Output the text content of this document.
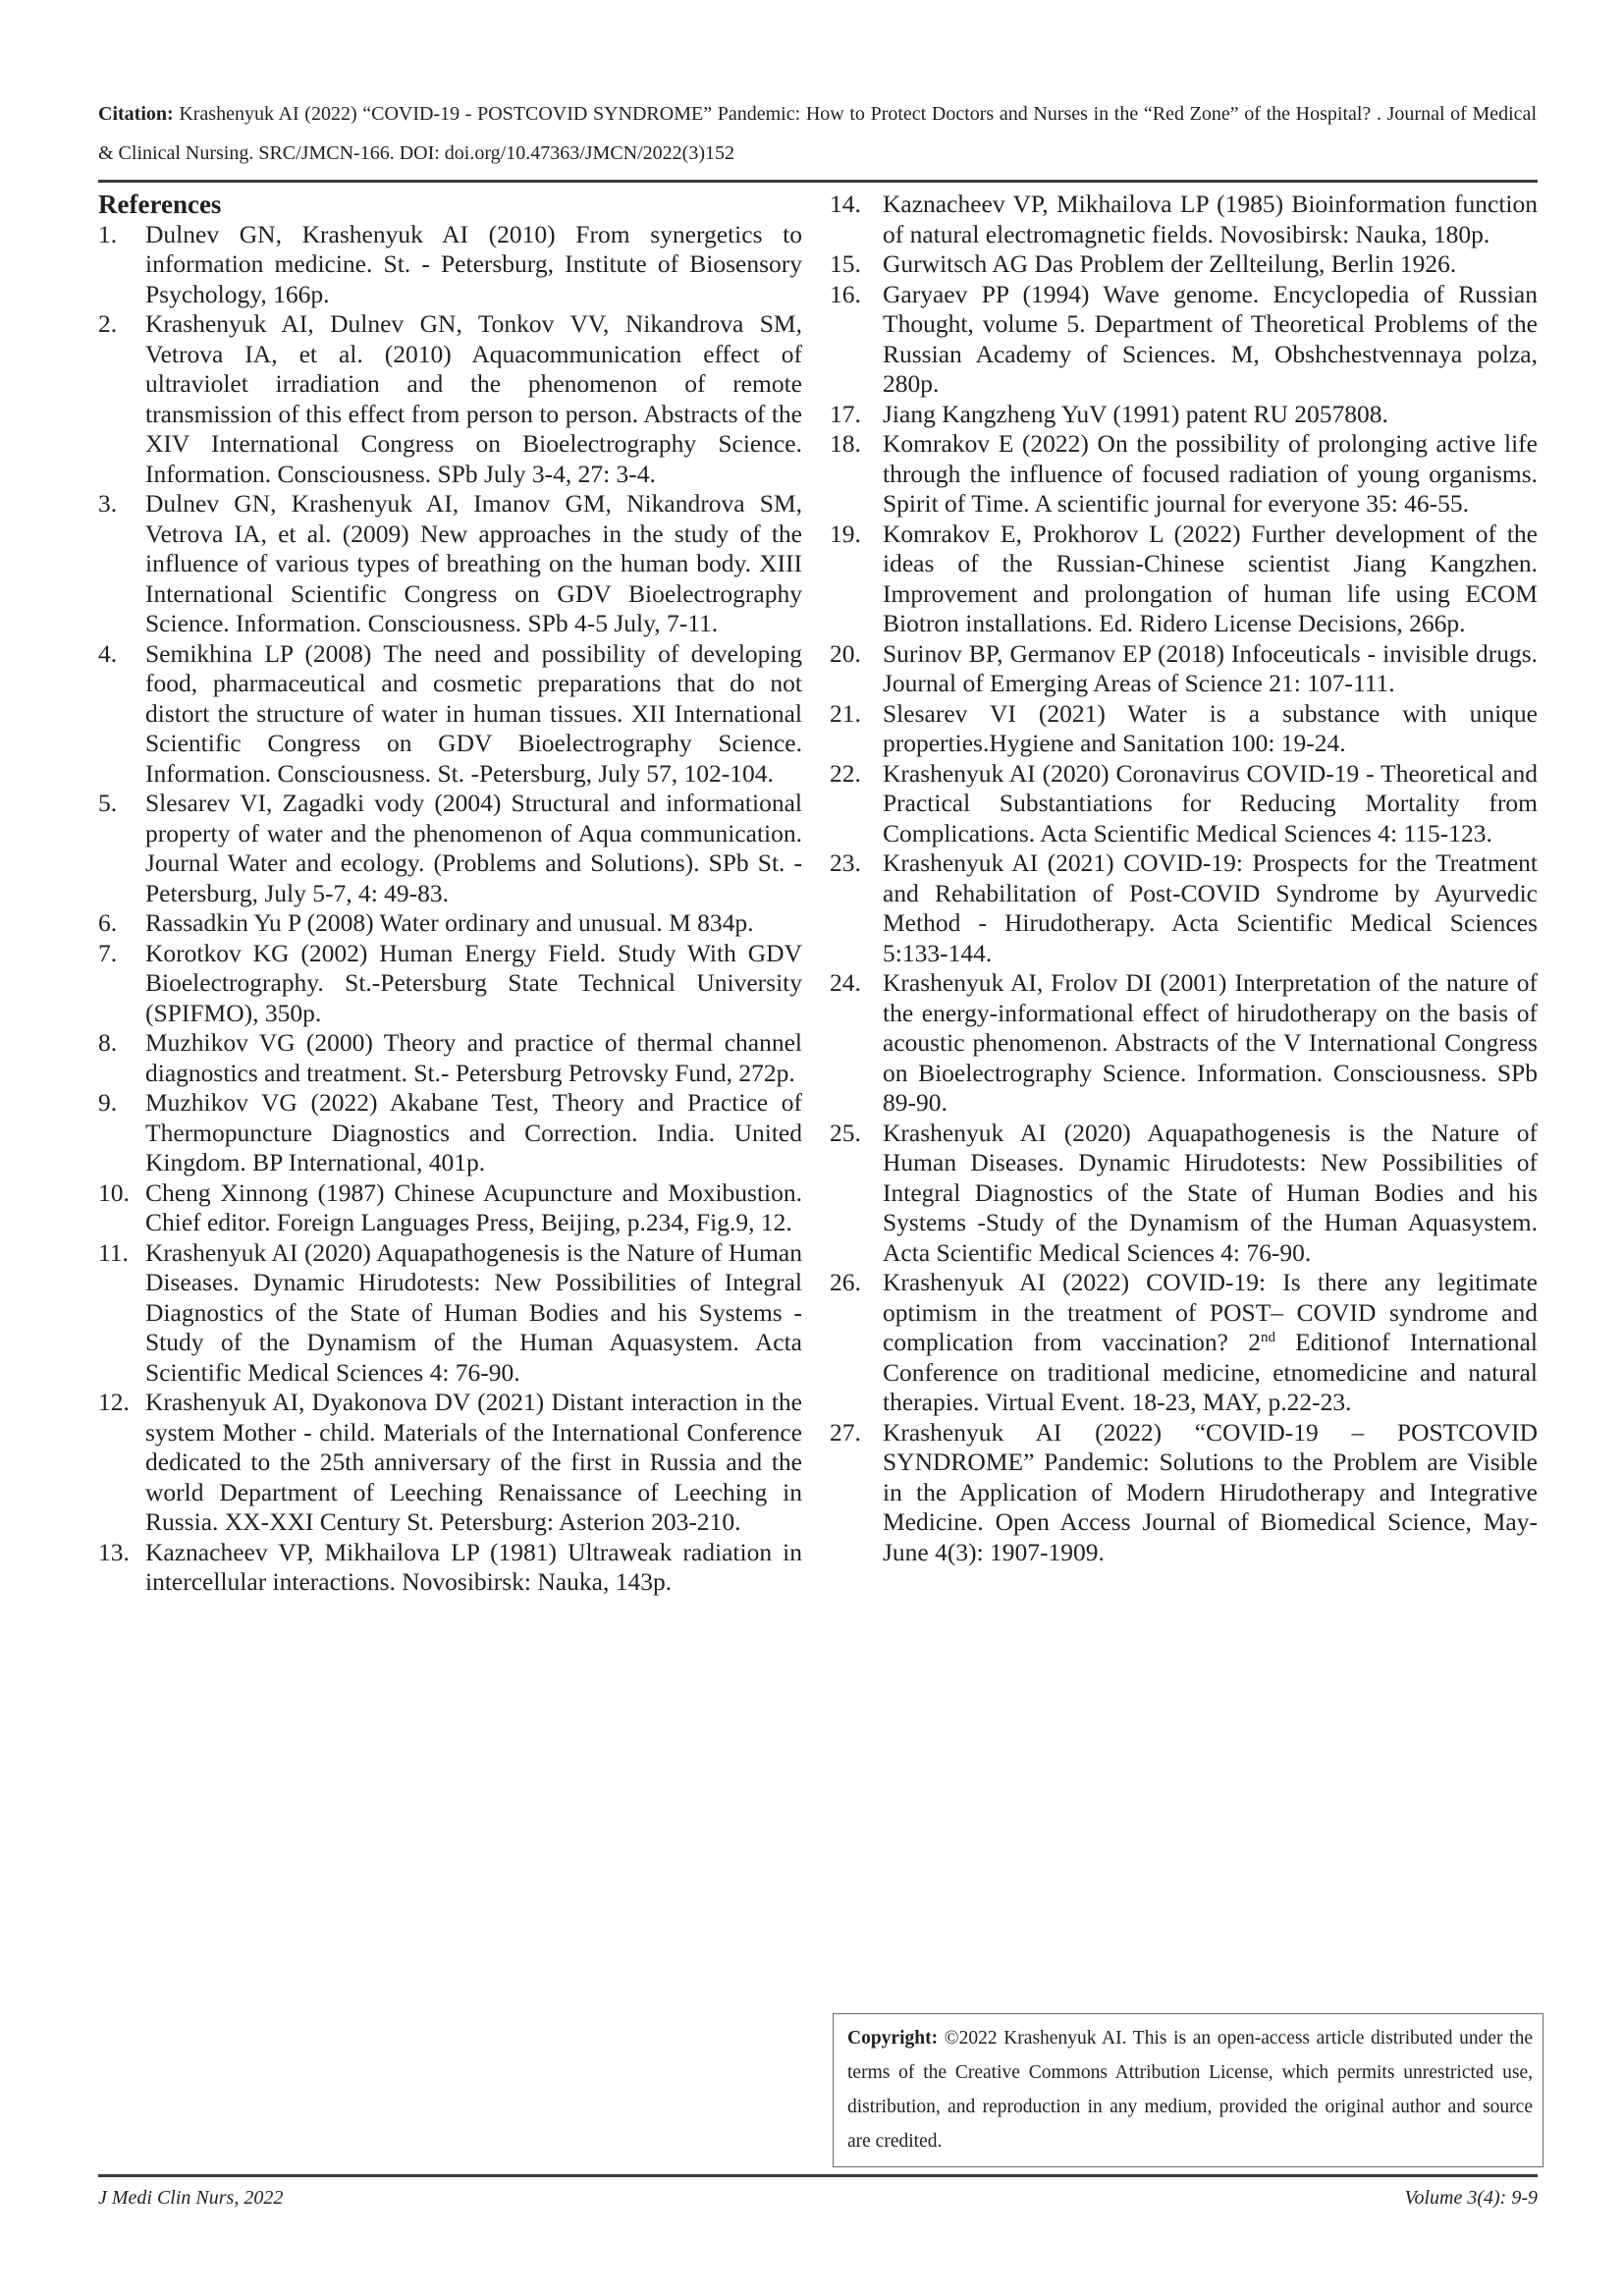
Citation: Krashenyuk AI (2022) “COVID-19 - POSTCOVID SYNDROME” Pandemic: How to Protect Doctors and Nurses in the “Red Zone” of the Hospital? . Journal of Medical & Clinical Nursing. SRC/JMCN-166. DOI: doi.org/10.47363/JMCN/2022(3)152
References
1. Dulnev GN, Krashenyuk AI (2010) From synergetics to information medicine. St. - Petersburg, Institute of Biosensory Psychology, 166p.
2. Krashenyuk AI, Dulnev GN, Tonkov VV, Nikandrova SM, Vetrova IA, et al. (2010) Aquacommunication effect of ultraviolet irradiation and the phenomenon of remote transmission of this effect from person to person. Abstracts of the XIV International Congress on Bioelectrography Science. Information. Consciousness. SPb July 3-4, 27: 3-4.
3. Dulnev GN, Krashenyuk AI, Imanov GM, Nikandrova SM, Vetrova IA, et al. (2009) New approaches in the study of the influence of various types of breathing on the human body. XIII International Scientific Congress on GDV Bioelectrography Science. Information. Consciousness. SPb 4-5 July, 7-11.
4. Semikhina LP (2008) The need and possibility of developing food, pharmaceutical and cosmetic preparations that do not distort the structure of water in human tissues. XII International Scientific Congress on GDV Bioelectrography Science. Information. Consciousness. St. -Petersburg, July 57, 102-104.
5. Slesarev VI, Zagadki vody (2004) Structural and informational property of water and the phenomenon of Aqua communication. Journal Water and ecology. (Problems and Solutions). SPb St. -Petersburg, July 5-7, 4: 49-83.
6. Rassadkin Yu P (2008) Water ordinary and unusual. M 834p.
7. Korotkov KG (2002) Human Energy Field. Study With GDV Bioelectrography. St.-Petersburg State Technical University (SPIFMO), 350p.
8. Muzhikov VG (2000) Theory and practice of thermal channel diagnostics and treatment. St.- Petersburg Petrovsky Fund, 272p.
9. Muzhikov VG (2022) Akabane Test, Theory and Practice of Thermopuncture Diagnostics and Correction. India. United Kingdom. BP International, 401p.
10. Cheng Xinnong (1987) Chinese Acupuncture and Moxibustion. Chief editor. Foreign Languages Press, Beijing, p.234, Fig.9, 12.
11. Krashenyuk AI (2020) Aquapathogenesis is the Nature of Human Diseases. Dynamic Hirudotests: New Possibilities of Integral Diagnostics of the State of Human Bodies and his Systems -Study of the Dynamism of the Human Aquasystem. Acta Scientific Medical Sciences 4: 76-90.
12. Krashenyuk AI, Dyakonova DV (2021) Distant interaction in the system Mother - child. Materials of the International Conference dedicated to the 25th anniversary of the first in Russia and the world Department of Leeching Renaissance of Leeching in Russia. XX-XXI Century St. Petersburg: Asterion 203-210.
13. Kaznacheev VP, Mikhailova LP (1981) Ultraweak radiation in intercellular interactions. Novosibirsk: Nauka, 143p.
14. Kaznacheev VP, Mikhailova LP (1985) Bioinformation function of natural electromagnetic fields. Novosibirsk: Nauka, 180p.
15. Gurwitsch AG Das Problem der Zellteilung, Berlin 1926.
16. Garyaev PP (1994) Wave genome. Encyclopedia of Russian Thought, volume 5. Department of Theoretical Problems of the Russian Academy of Sciences. M, Obshchestvennaya polza, 280p.
17. Jiang Kangzheng YuV (1991) patent RU 2057808.
18. Komrakov E (2022) On the possibility of prolonging active life through the influence of focused radiation of young organisms. Spirit of Time. A scientific journal for everyone 35: 46-55.
19. Komrakov E, Prokhorov L (2022) Further development of the ideas of the Russian-Chinese scientist Jiang Kangzhen. Improvement and prolongation of human life using ECOM Biotron installations. Ed. Ridero License Decisions, 266p.
20. Surinov BP, Germanov EP (2018) Infoceuticals - invisible drugs. Journal of Emerging Areas of Science 21: 107-111.
21. Slesarev VI (2021) Water is a substance with unique properties.Hygiene and Sanitation 100: 19-24.
22. Krashenyuk AI (2020) Coronavirus COVID-19 - Theoretical and Practical Substantiations for Reducing Mortality from Complications. Acta Scientific Medical Sciences 4: 115-123.
23. Krashenyuk AI (2021) COVID-19: Prospects for the Treatment and Rehabilitation of Post-COVID Syndrome by Ayurvedic Method - Hirudotherapy. Acta Scientific Medical Sciences 5:133-144.
24. Krashenyuk AI, Frolov DI (2001) Interpretation of the nature of the energy-informational effect of hirudotherapy on the basis of acoustic phenomenon. Abstracts of the V International Congress on Bioelectrography Science. Information. Consciousness. SPb 89-90.
25. Krashenyuk AI (2020) Aquapathogenesis is the Nature of Human Diseases. Dynamic Hirudotests: New Possibilities of Integral Diagnostics of the State of Human Bodies and his Systems -Study of the Dynamism of the Human Aquasystem. Acta Scientific Medical Sciences 4: 76-90.
26. Krashenyuk AI (2022) COVID-19: Is there any legitimate optimism in the treatment of POST– COVID syndrome and complication from vaccination? 2nd Editionof International Conference on traditional medicine, etnomedicine and natural therapies. Virtual Event. 18-23, MAY, p.22-23.
27. Krashenyuk AI (2022) “COVID-19 – POSTCOVID SYNDROME” Pandemic: Solutions to the Problem are Visible in the Application of Modern Hirudotherapy and Integrative Medicine. Open Access Journal of Biomedical Science, May-June 4(3): 1907-1909.
Copyright: ©2022 Krashenyuk AI. This is an open-access article distributed under the terms of the Creative Commons Attribution License, which permits unrestricted use, distribution, and reproduction in any medium, provided the original author and source are credited.
J Medi Clin Nurs, 2022	Volume 3(4): 9-9
